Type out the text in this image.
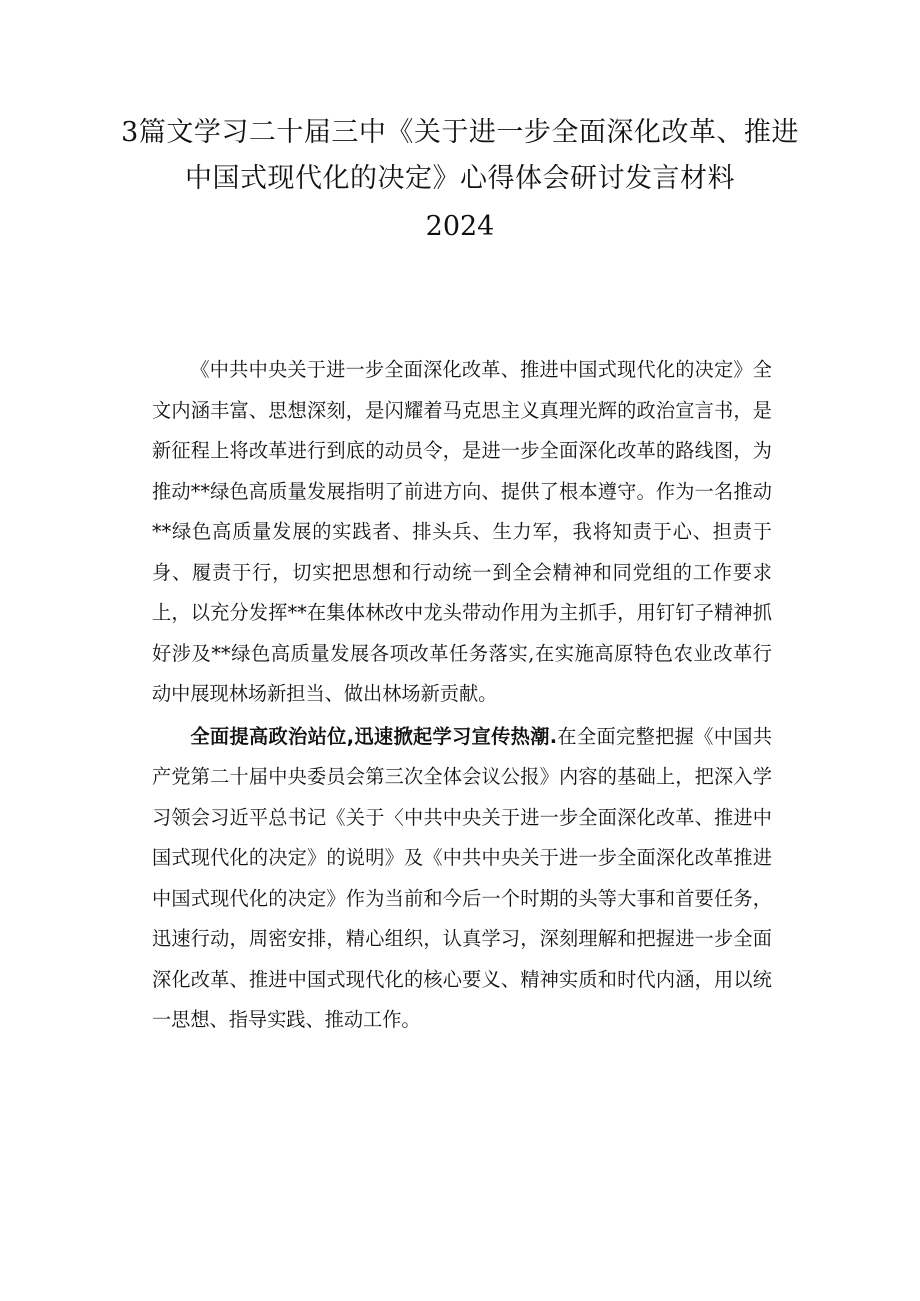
3篇文学习二十届三中《关于进一步全面深化改革、推进
中国式现代化的决定》心得体会研讨发言材料
2024

《中共中央关于进一步全面深化改革、推进中国式现代化的决定》全文内涵丰富、思想深刻，是闪耀着马克思主义真理光辉的政治宣言书，是新征程上将改革进行到底的动员令，是进一步全面深化改革的路线图，为推动**绿色高质量发展指明了前进方向、提供了根本遵守。作为一名推动**绿色高质量发展的实践者、排头兵、生力军，我将知责于心、担责于身、履责于行，切实把思想和行动统一到全会精神和同党组的工作要求上，以充分发挥**在集体林改中龙头带动作用为主抓手，用钉钉子精神抓好涉及**绿色高质量发展各项改革任务落实,在实施高原特色农业改革行动中展现林场新担当、做出林场新贡献。

全面提高政治站位,迅速掀起学习宣传热潮.在全面完整把握《中国共产党第二十届中央委员会第三次全体会议公报》内容的基础上，把深入学习领会习近平总书记《关于〈中共中央关于进一步全面深化改革、推进中国式现代化的决定》的说明》及《中共中央关于进一步全面深化改革推进中国式现代化的决定》作为当前和今后一个时期的头等大事和首要任务，迅速行动，周密安排，精心组织，认真学习，深刻理解和把握进一步全面深化改革、推进中国式现代化的核心要义、精神实质和时代内涵，用以统一思想、指导实践、推动工作。
